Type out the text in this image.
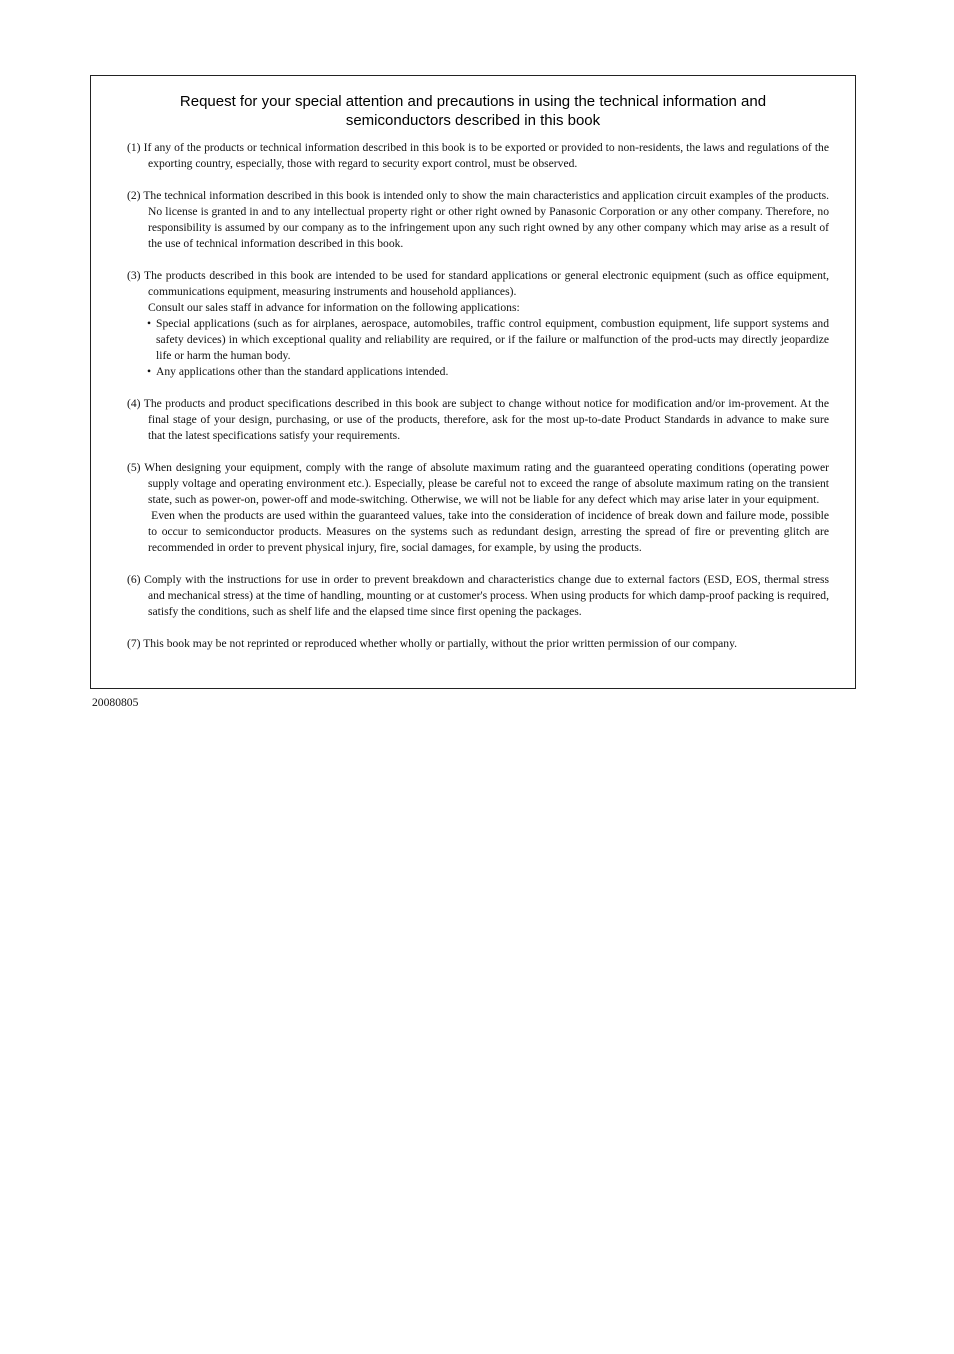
Request for your special attention and precautions in using the technical information and
semiconductors described in this book

(1) If any of the products or technical information described in this book is to be exported or provided to non-residents, the laws and regulations of the exporting country, especially, those with regard to security export control, must be observed.

(2) The technical information described in this book is intended only to show the main characteristics and application circuit examples of the products. No license is granted in and to any intellectual property right or other right owned by Panasonic Corporation or any other company. Therefore, no responsibility is assumed by our company as to the infringement upon any such right owned by any other company which may arise as a result of the use of technical information described in this book.

(3) The products described in this book are intended to be used for standard applications or general electronic equipment (such as office equipment, communications equipment, measuring instruments and household appliances).

Consult our sales staff in advance for information on the following applications:

• Special applications (such as for airplanes, aerospace, automobiles, traffic control equipment, combustion equipment, life support systems and safety devices) in which exceptional quality and reliability are required, or if the failure or malfunction of the prod-ucts may directly jeopardize life or harm the human body.

• Any applications other than the standard applications intended.

(4) The products and product specifications described in this book are subject to change without notice for modification and/or im-provement. At the final stage of your design, purchasing, or use of the products, therefore, ask for the most up-to-date Product Standards in advance to make sure that the latest specifications satisfy your requirements.

(5) When designing your equipment, comply with the range of absolute maximum rating and the guaranteed operating conditions (operating power supply voltage and operating environment etc.). Especially, please be careful not to exceed the range of absolute maximum rating on the transient state, such as power-on, power-off and mode-switching. Otherwise, we will not be liable for any defect which may arise later in your equipment.

Even when the products are used within the guaranteed values, take into the consideration of incidence of break down and failure mode, possible to occur to semiconductor products. Measures on the systems such as redundant design, arresting the spread of fire or preventing glitch are recommended in order to prevent physical injury, fire, social damages, for example, by using the products.

(6) Comply with the instructions for use in order to prevent breakdown and characteristics change due to external factors (ESD, EOS, thermal stress and mechanical stress) at the time of handling, mounting or at customer's process. When using products for which damp-proof packing is required, satisfy the conditions, such as shelf life and the elapsed time since first opening the packages.

(7) This book may be not reprinted or reproduced whether wholly or partially, without the prior written permission of our company.

20080805
